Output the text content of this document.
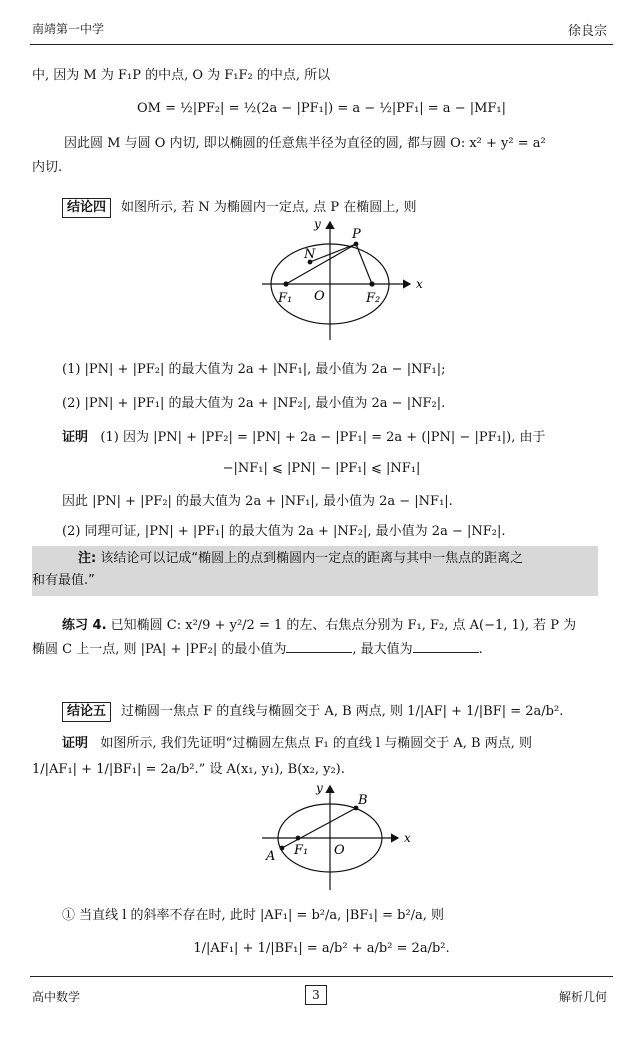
南靖第一中学	徐良宗
中, 因为 M 为 F₁P 的中点, O 为 F₁F₂ 的中点, 所以
OM = ½|PF₂| = ½(2a − |PF₁|) = a − ½|PF₁| = a − |MF₁|
因此圆 M 与圆 O 内切, 即以椭圆的任意焦半径为直径的圆, 都与圆 O: x² + y² = a²
内切.
结论四 如图所示, 若 N 为椭圆内一定点, 点 P 在椭圆上, 则
y
x
P
N
O
F₁	F₂
(1) |PN| + |PF₂| 的最大值为 2a + |NF₁|, 最小值为 2a − |NF₁|;
(2) |PN| + |PF₁| 的最大值为 2a + |NF₂|, 最小值为 2a − |NF₂|.
证明 (1) 因为 |PN| + |PF₂| = |PN| + 2a − |PF₁| = 2a + (|PN| − |PF₁|), 由于
−|NF₁| ⩽ |PN| − |PF₁| ⩽ |NF₁|
因此 |PN| + |PF₂| 的最大值为 2a + |NF₁|, 最小值为 2a − |NF₁|.
(2) 同理可证, |PN| + |PF₁| 的最大值为 2a + |NF₂|, 最小值为 2a − |NF₂|.
注: 该结论可以记成“椭圆上的点到椭圆内一定点的距离与其中一焦点的距离之
和有最值.”
练习 4. 已知椭圆 C: x²/9 + y²/2 = 1 的左、右焦点分别为 F₁, F₂, 点 A(−1, 1), 若 P 为
椭圆 C 上一点, 则 |PA| + |PF₂| 的最小值为	, 最大值为	.
结论五 过椭圆一焦点 F 的直线与椭圆交于 A, B 两点, 则 1/|AF| + 1/|BF| = 2a/b².
证明 如图所示, 我们先证明“过椭圆左焦点 F₁ 的直线 l 与椭圆交于 A, B 两点, 则
1/|AF₁| + 1/|BF₁| = 2a/b².” 设 A(x₁, y₁), B(x₂, y₂).
y
x
B
A	O
F₁
① 当直线 l 的斜率不存在时, 此时 |AF₁| = b²/a, |BF₁| = b²/a, 则
1/|AF₁| + 1/|BF₁| = a/b² + a/b² = 2a/b².
高中数学	3	解析几何
